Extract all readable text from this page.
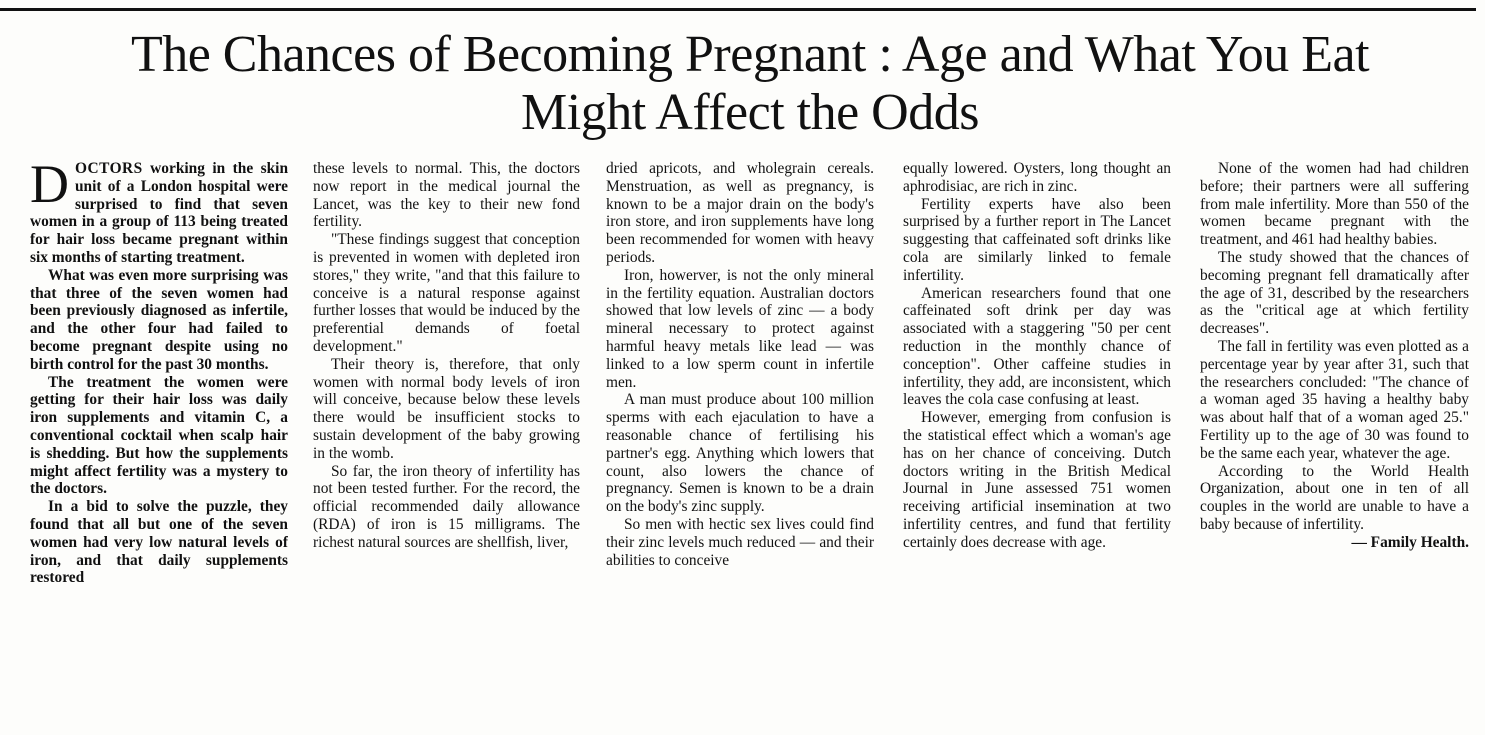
The Chances of Becoming Pregnant : Age and What You Eat Might Affect the Odds

DOCTORS working in the skin unit of a London hospital were surprised to find that seven women in a group of 113 being treated for hair loss became pregnant within six months of starting treatment.

What was even more surprising was that three of the seven women had been previously diagnosed as infertile, and the other four had failed to become pregnant despite using no birth control for the past 30 months.

The treatment the women were getting for their hair loss was daily iron supplements and vitamin C, a conventional cocktail when scalp hair is shedding. But how the supplements might affect fertility was a mystery to the doctors.

In a bid to solve the puzzle, they found that all but one of the seven women had very low natural levels of iron, and that daily supplements restored

these levels to normal. This, the doctors now report in the medical journal the Lancet, was the key to their new fond fertility.

"These findings suggest that conception is prevented in women with depleted iron stores," they write, "and that this failure to conceive is a natural response against further losses that would be induced by the preferential demands of foetal development."

Their theory is, therefore, that only women with normal body levels of iron will conceive, because below these levels there would be insufficient stocks to sustain development of the baby growing in the womb.

So far, the iron theory of infertility has not been tested further. For the record, the official recommended daily allowance (RDA) of iron is 15 milligrams. The richest natural sources are shellfish, liver,

dried apricots, and wholegrain cereals. Menstruation, as well as pregnancy, is known to be a major drain on the body's iron store, and iron supplements have long been recommended for women with heavy periods.

Iron, howerver, is not the only mineral in the fertility equation. Australian doctors showed that low levels of zinc — a body mineral necessary to protect against harmful heavy metals like lead — was linked to a low sperm count in infertile men.

A man must produce about 100 million sperms with each ejaculation to have a reasonable chance of fertilising his partner's egg. Anything which lowers that count, also lowers the chance of pregnancy. Semen is known to be a drain on the body's zinc supply.

So men with hectic sex lives could find their zinc levels much reduced — and their abilities to conceive

equally lowered. Oysters, long thought an aphrodisiac, are rich in zinc.

Fertility experts have also been surprised by a further report in The Lancet suggesting that caffeinated soft drinks like cola are similarly linked to female infertility.

American researchers found that one caffeinated soft drink per day was associated with a staggering "50 per cent reduction in the monthly chance of conception". Other caffeine studies in infertility, they add, are inconsistent, which leaves the cola case confusing at least.

However, emerging from confusion is the statistical effect which a woman's age has on her chance of conceiving. Dutch doctors writing in the British Medical Journal in June assessed 751 women receiving artificial insemination at two infertility centres, and fund that fertility certainly does decrease with age.

None of the women had had children before; their partners were all suffering from male infertility. More than 550 of the women became pregnant with the treatment, and 461 had healthy babies.

The study showed that the chances of becoming pregnant fell dramatically after the age of 31, described by the researchers as the "critical age at which fertility decreases".

The fall in fertility was even plotted as a percentage year by year after 31, such that the researchers concluded: "The chance of a woman aged 35 having a healthy baby was about half that of a woman aged 25." Fertility up to the age of 30 was found to be the same each year, whatever the age.

According to the World Health Organization, about one in ten of all couples in the world are unable to have a baby because of infertility.

— Family Health.
